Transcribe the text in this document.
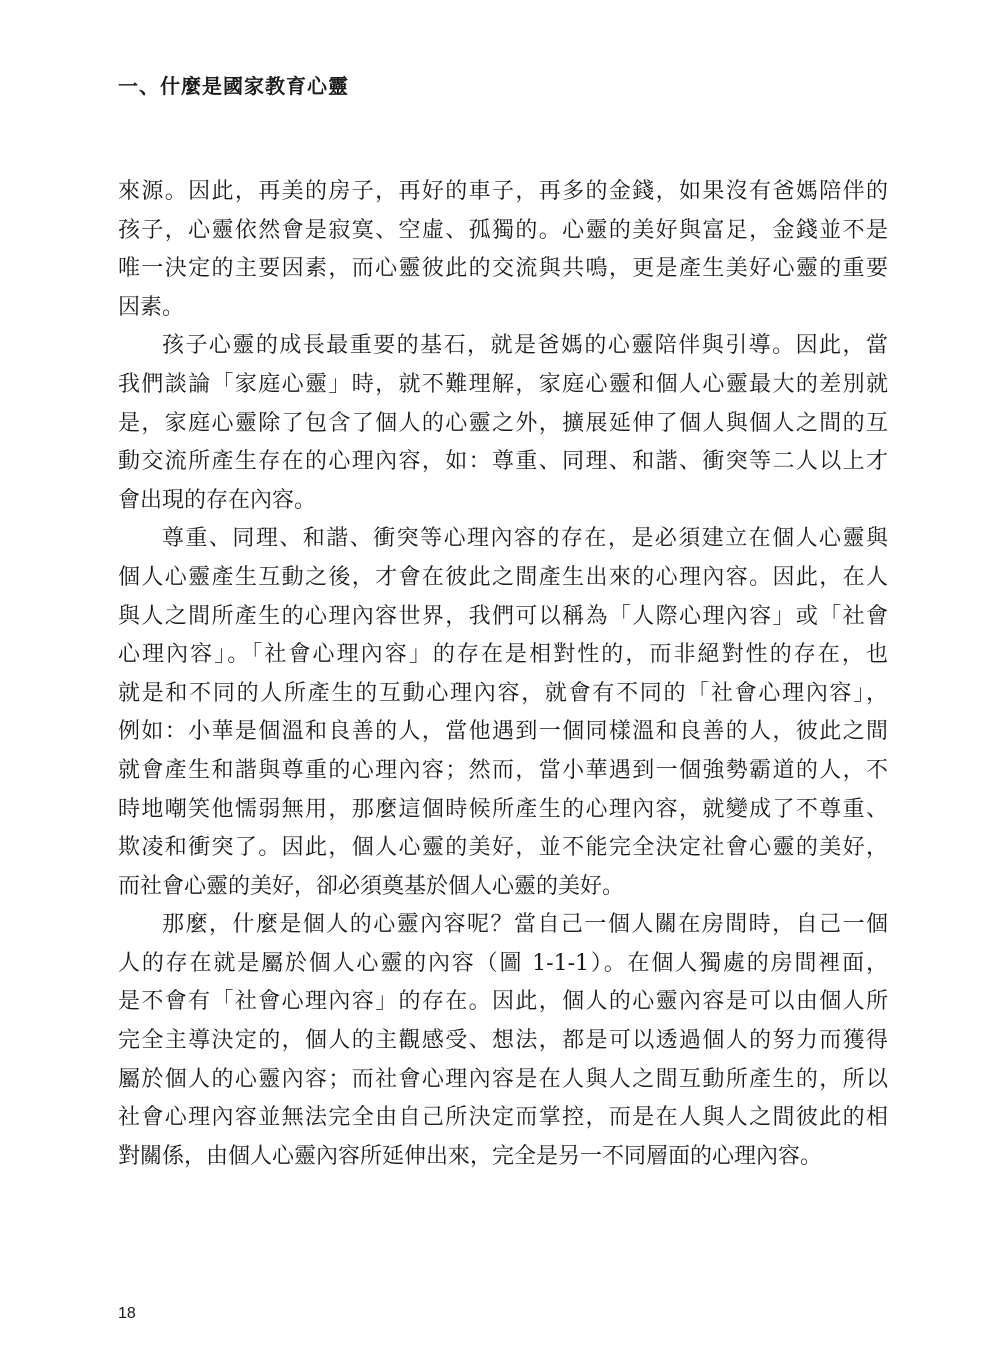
一、什麼是國家教育心靈

來源。因此，再美的房子，再好的車子，再多的金錢，如果沒有爸媽陪伴的
孩子，心靈依然會是寂寞、空虛、孤獨的。心靈的美好與富足，金錢並不是
唯一決定的主要因素，而心靈彼此的交流與共鳴，更是產生美好心靈的重要
因素。

孩子心靈的成長最重要的基石，就是爸媽的心靈陪伴與引導。因此，當
我們談論「家庭心靈」時，就不難理解，家庭心靈和個人心靈最大的差別就
是，家庭心靈除了包含了個人的心靈之外，擴展延伸了個人與個人之間的互
動交流所產生存在的心理內容，如：尊重、同理、和諧、衝突等二人以上才
會出現的存在內容。

尊重、同理、和諧、衝突等心理內容的存在，是必須建立在個人心靈與
個人心靈產生互動之後，才會在彼此之間產生出來的心理內容。因此，在人
與人之間所產生的心理內容世界，我們可以稱為「人際心理內容」或「社會
心理內容」。「社會心理內容」的存在是相對性的，而非絕對性的存在，也
就是和不同的人所產生的互動心理內容，就會有不同的「社會心理內容」，
例如：小華是個溫和良善的人，當他遇到一個同樣溫和良善的人，彼此之間
就會產生和諧與尊重的心理內容；然而，當小華遇到一個強勢霸道的人，不
時地嘲笑他懦弱無用，那麼這個時候所產生的心理內容，就變成了不尊重、
欺凌和衝突了。因此，個人心靈的美好，並不能完全決定社會心靈的美好，
而社會心靈的美好，卻必須奠基於個人心靈的美好。

那麼，什麼是個人的心靈內容呢？當自己一個人關在房間時，自己一個
人的存在就是屬於個人心靈的內容（圖 1-1-1）。在個人獨處的房間裡面，
是不會有「社會心理內容」的存在。因此，個人的心靈內容是可以由個人所
完全主導決定的，個人的主觀感受、想法，都是可以透過個人的努力而獲得
屬於個人的心靈內容；而社會心理內容是在人與人之間互動所產生的，所以
社會心理內容並無法完全由自己所決定而掌控，而是在人與人之間彼此的相
對關係，由個人心靈內容所延伸出來，完全是另一不同層面的心理內容。

18
